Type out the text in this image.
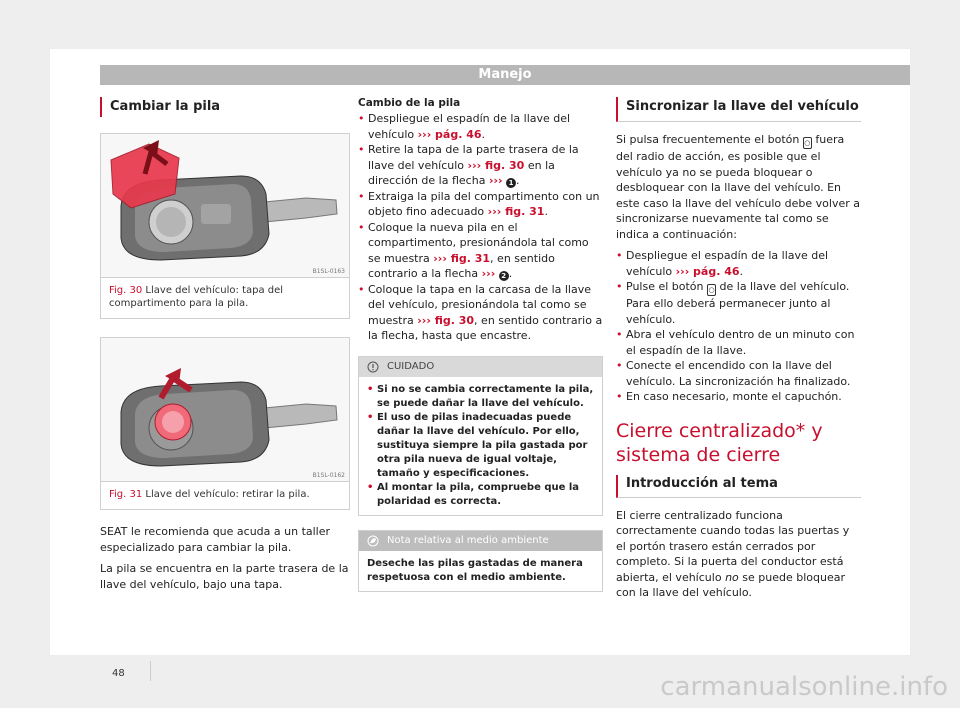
Manejo
Cambiar la pila
B1SL-0163
Fig. 30 Llave del vehículo: tapa del compartimento para la pila.
B1SL-0162
Fig. 31 Llave del vehículo: retirar la pila.

SEAT le recomienda que acuda a un taller especializado para cambiar la pila.

La pila se encuentra en la parte trasera de la llave del vehículo, bajo una tapa.

Cambio de la pila
• Despliegue el espadín de la llave del vehículo ››› pág. 46.
• Retire la tapa de la parte trasera de la llave del vehículo ››› fig. 30 en la dirección de la flecha ››› 1 .
• Extraiga la pila del compartimento con un objeto fino adecuado ››› fig. 31.
• Coloque la nueva pila en el compartimento, presionándola tal como se muestra ››› fig. 31, en sentido contrario a la flecha ››› 2 .
• Coloque la tapa en la carcasa de la llave del vehículo, presionándola tal como se muestra ››› fig. 30, en sentido contrario a la flecha, hasta que encastre.
CUIDADO
• Si no se cambia correctamente la pila, se puede dañar la llave del vehículo.
• El uso de pilas inadecuadas puede dañar la llave del vehículo. Por ello, sustituya siempre la pila gastada por otra pila nueva de igual voltaje, tamaño y especificaciones.
• Al montar la pila, compruebe que la polaridad es correcta.
Nota relativa al medio ambiente
Deseche las pilas gastadas de manera respetuosa con el medio ambiente.
Sincronizar la llave del vehículo

Si pulsa frecuentemente el botón ○ fuera del radio de acción, es posible que el vehículo ya no se pueda bloquear o desbloquear con la llave del vehículo. En este caso la llave del vehículo debe volver a sincronizarse nuevamente tal como se indica a continuación:

• Despliegue el espadín de la llave del vehículo ››› pág. 46.
• Pulse el botón ○ de la llave del vehículo. Para ello deberá permanecer junto al vehículo.
• Abra el vehículo dentro de un minuto con el espadín de la llave.
• Conecte el encendido con la llave del vehículo. La sincronización ha finalizado.
• En caso necesario, monte el capuchón.
Cierre centralizado* y sistema de cierre
Introducción al tema

El cierre centralizado funciona correctamente cuando todas las puertas y el portón trasero están cerrados por completo. Si la puerta del conductor está abierta, el vehículo no se puede bloquear con la llave del vehículo.

48	carmanualsonline.info
